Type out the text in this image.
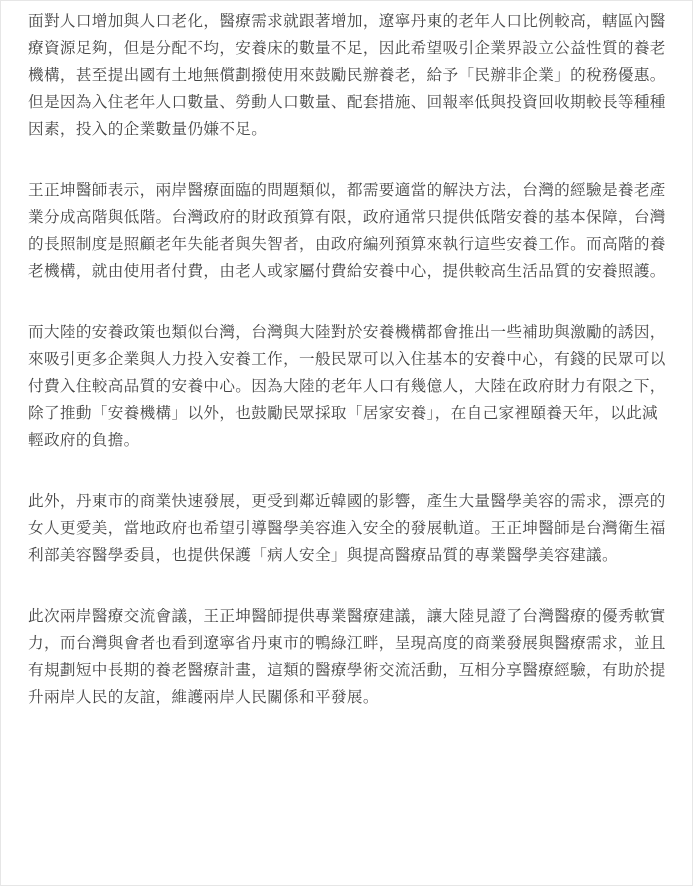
面對人口增加與人口老化，醫療需求就跟著增加，遼寧丹東的老年人口比例較高，轄區內醫療資源足夠，但是分配不均，安養床的數量不足，因此希望吸引企業界設立公益性質的養老機構，甚至提出國有土地無償劃撥使用來鼓勵民辦養老，給予「民辦非企業」的稅務優惠。但是因為入住老年人口數量、勞動人口數量、配套措施、回報率低與投資回收期較長等種種因素，投入的企業數量仍嫌不足。

王正坤醫師表示，兩岸醫療面臨的問題類似，都需要適當的解決方法，台灣的經驗是養老產業分成高階與低階。台灣政府的財政預算有限，政府通常只提供低階安養的基本保障，台灣的長照制度是照顧老年失能者與失智者，由政府編列預算來執行這些安養工作。而高階的養老機構，就由使用者付費，由老人或家屬付費給安養中心，提供較高生活品質的安養照護。

而大陸的安養政策也類似台灣，台灣與大陸對於安養機構都會推出一些補助與激勵的誘因，來吸引更多企業與人力投入安養工作，一般民眾可以入住基本的安養中心，有錢的民眾可以付費入住較高品質的安養中心。因為大陸的老年人口有幾億人，大陸在政府財力有限之下，除了推動「安養機構」以外，也鼓勵民眾採取「居家安養」，在自己家裡頤養天年，以此減輕政府的負擔。

此外，丹東市的商業快速發展，更受到鄰近韓國的影響，產生大量醫學美容的需求，漂亮的女人更愛美，當地政府也希望引導醫學美容進入安全的發展軌道。王正坤醫師是台灣衛生福利部美容醫學委員，也提供保護「病人安全」與提高醫療品質的專業醫學美容建議。

此次兩岸醫療交流會議，王正坤醫師提供專業醫療建議，讓大陸見證了台灣醫療的優秀軟實力，而台灣與會者也看到遼寧省丹東市的鴨綠江畔，呈現高度的商業發展與醫療需求，並且有規劃短中長期的養老醫療計畫，這類的醫療學術交流活動，互相分享醫療經驗，有助於提升兩岸人民的友誼，維護兩岸人民關係和平發展。
